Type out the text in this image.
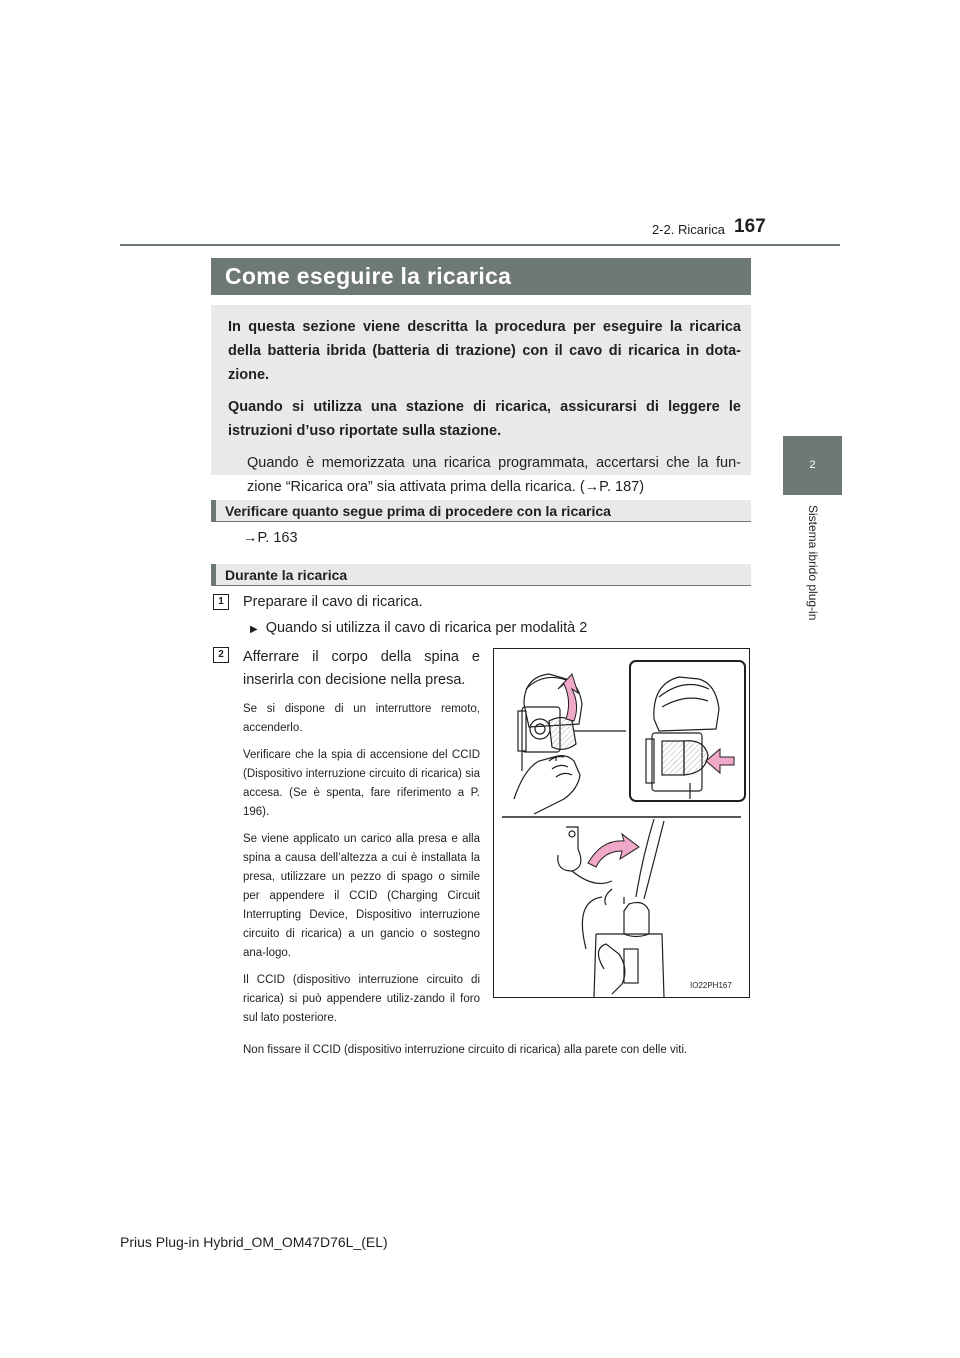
167
2-2. Ricarica
2
Sistema ibrido plug-in
Come eseguire la ricarica

In questa sezione viene descritta la procedura per eseguire la ricarica della batteria ibrida (batteria di trazione) con il cavo di ricarica in dota-zione.

Quando si utilizza una stazione di ricarica, assicurarsi di leggere le istruzioni d’uso riportate sulla stazione.

Quando è memorizzata una ricarica programmata, accertarsi che la fun-zione “Ricarica ora” sia attivata prima della ricarica. (→P. 187)

Verificare quanto segue prima di procedere con la ricarica
→P. 163
Durante la ricarica
1	Preparare il cavo di ricarica.
▶ Quando si utilizza il cavo di ricarica per modalità 2
2	Afferrare il corpo della spina e inserirla con decisione nella presa.

Se si dispone di un interruttore remoto, accenderlo.

Verificare che la spia di accensione del CCID (Dispositivo interruzione circuito di ricarica) sia accesa. (Se è spenta, fare riferimento a P. 196).

Se viene applicato un carico alla presa e alla spina a causa dell’altezza a cui è installata la presa, utilizzare un pezzo di spago o simile per appendere il CCID (Charging Circuit Interrupting Device, Dispositivo interruzione circuito di ricarica) a un gancio o sostegno ana-logo.

Il CCID (dispositivo interruzione circuito di ricarica) si può appendere utiliz-zando il foro sul lato posteriore.

Non fissare il CCID (dispositivo interruzione circuito di ricarica) alla parete con delle viti.
IO22PH167
Prius Plug-in Hybrid_OM_OM47D76L_(EL)
